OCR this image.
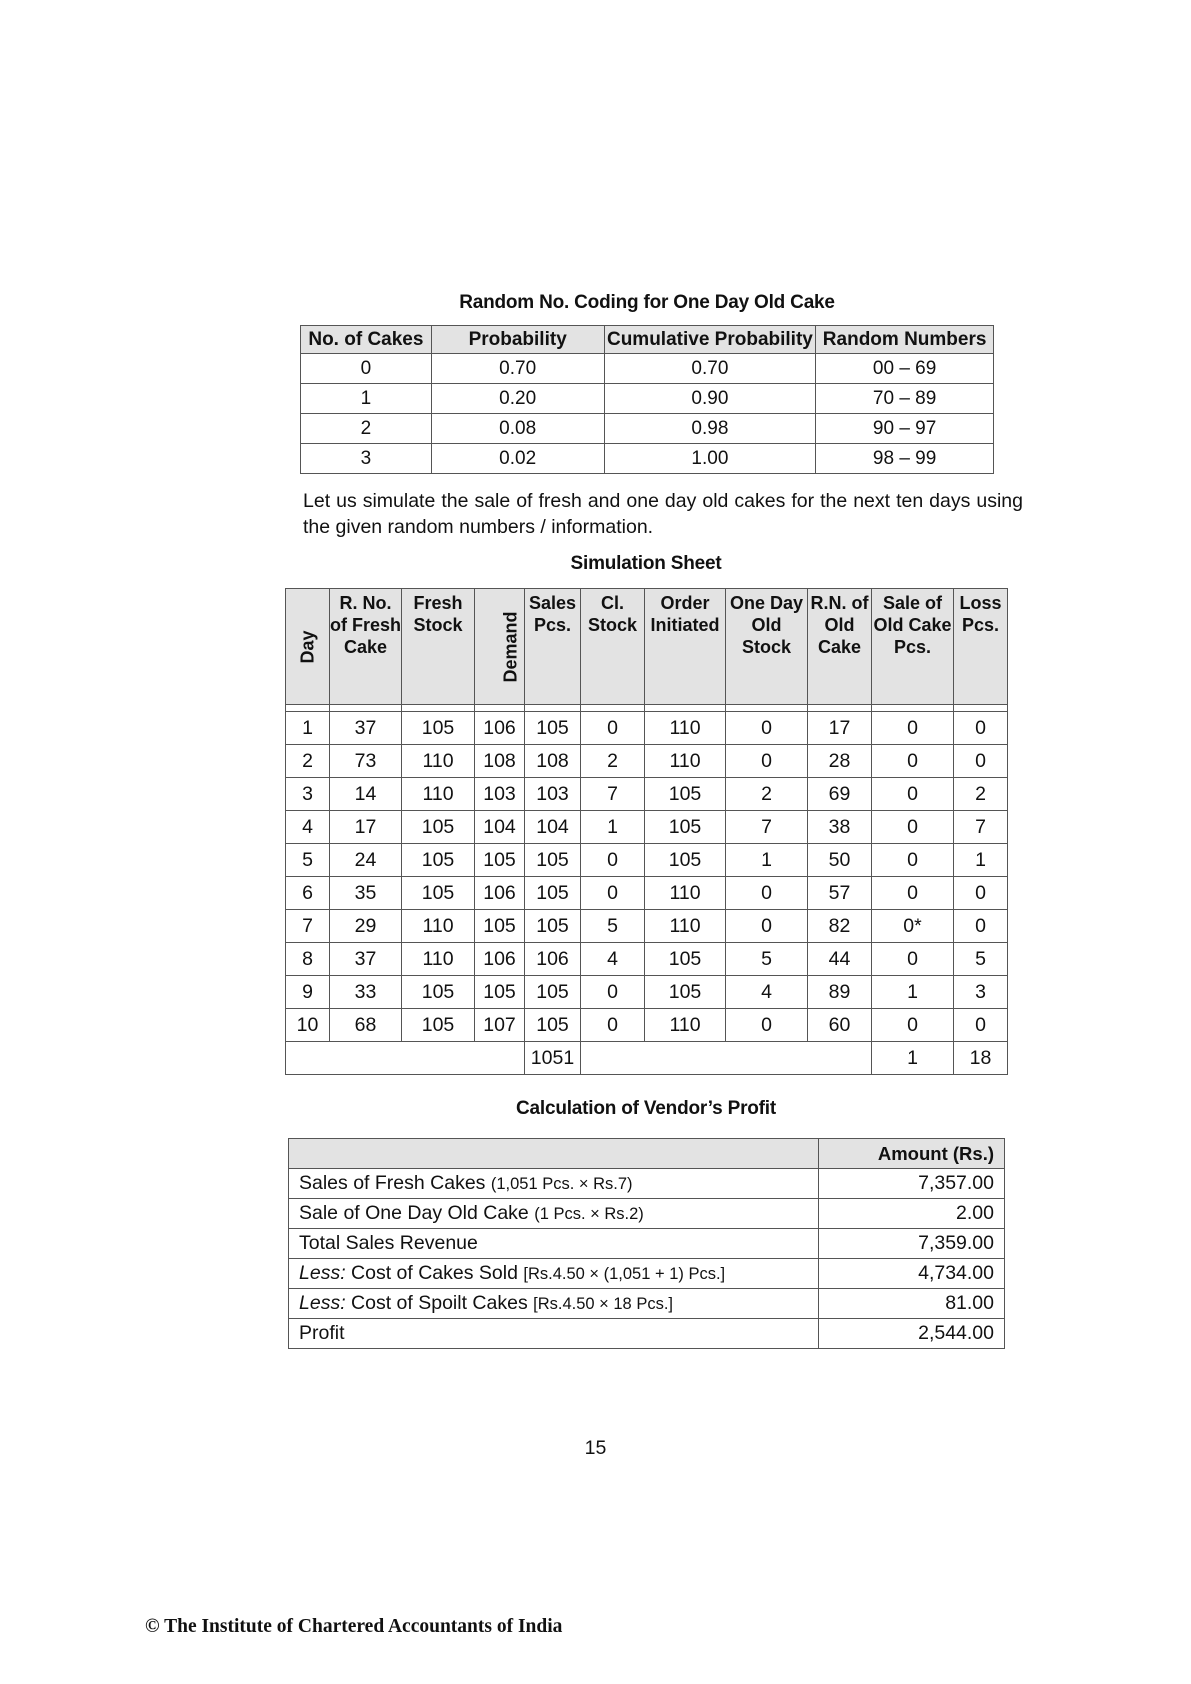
Random No. Coding for One Day Old Cake
No. of Cakes	Probability	Cumulative Probability	Random Numbers
0	0.70	0.70	00 – 69
1	0.20	0.90	70 – 89
2	0.08	0.98	90 – 97
3	0.02	1.00	98 – 99
Let us simulate the sale of fresh and one day old cakes for the next ten days using the given random numbers / information.
Simulation Sheet
Day	R. No. of Fresh Cake	Fresh Stock	Demand	Sales Pcs.	Cl. Stock	Order Initiated	One Day Old Stock	R.N. of Old Cake	Sale of Old Cake Pcs.	Loss Pcs.

1	37	105	106	105	0	110	0	17	0	0
2	73	110	108	108	2	110	0	28	0	0
3	14	110	103	103	7	105	2	69	0	2
4	17	105	104	104	1	105	7	38	0	7
5	24	105	105	105	0	105	1	50	0	1
6	35	105	106	105	0	110	0	57	0	0
7	29	110	105	105	5	110	0	82	0*	0
8	37	110	106	106	4	105	5	44	0	5
9	33	105	105	105	0	105	4	89	1	3
10	68	105	107	105	0	110	0	60	0	0
				1051					1	18
Calculation of Vendor’s Profit
	Amount (Rs.)
Sales of Fresh Cakes (1,051 Pcs. × Rs.7)	7,357.00
Sale of One Day Old Cake (1 Pcs. × Rs.2)	2.00
Total Sales Revenue	7,359.00
Less: Cost of Cakes Sold [Rs.4.50 × (1,051 + 1) Pcs.]	4,734.00
Less: Cost of Spoilt Cakes [Rs.4.50 × 18 Pcs.]	81.00
Profit	2,544.00
15
© The Institute of Chartered Accountants of India
